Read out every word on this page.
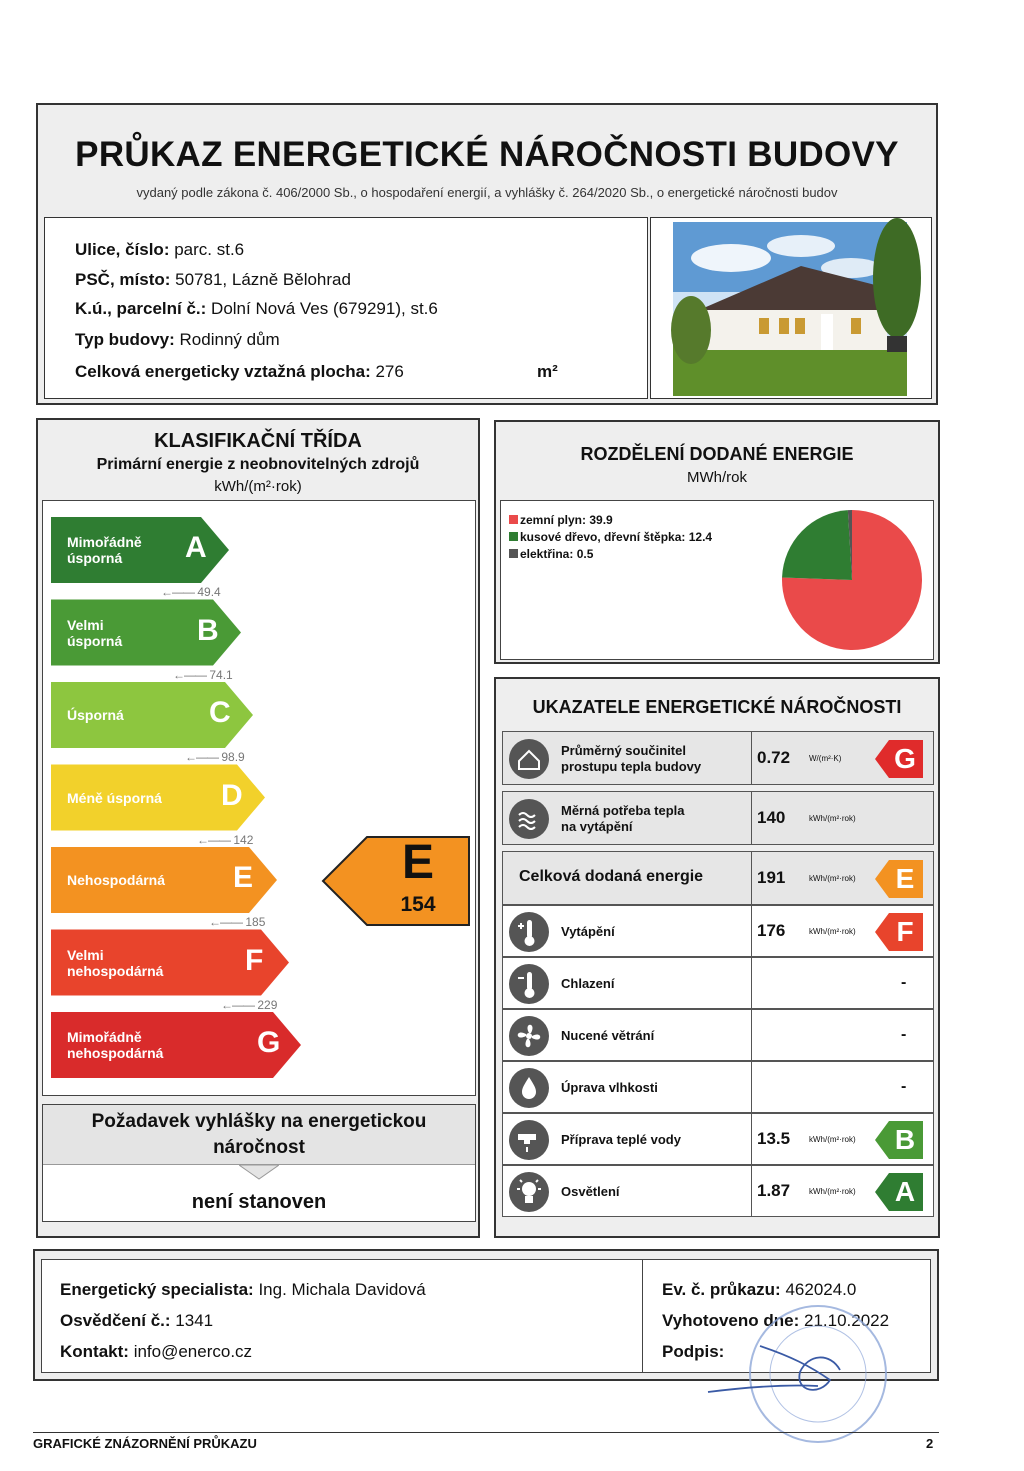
PRŮKAZ ENERGETICKÉ NÁROČNOSTI BUDOVY
vydaný podle zákona č. 406/2000 Sb., o hospodaření energií, a vyhlášky č. 264/2020 Sb., o energetické náročnosti budov
Ulice, číslo: parc. st.6
PSČ, místo: 50781, Lázně Bělohrad
K.ú., parcelní č.: Dolní Nová Ves (679291), st.6
Typ budovy: Rodinný dům
Celková energeticky vztažná plocha: 276	m²
KLASIFIKAČNÍ TŘÍDA
Primární energie z neobnovitelných zdrojů
kWh/(m²·rok)
Mimořádně
úsporná	A
←—— 49.4
Velmi
úsporná B
←—— 74.1
Úsporná	C
←—— 98.9
Méně úsporná D
←—— 142
Nehospodárná E
←—— 185
Velmi
nehospodárná	F
←—— 229
Mimořádně
nehospodárná	G
E
154
Požadavek vyhlášky na energetickou
náročnost
není stanoven
ROZDĚLENÍ DODANÉ ENERGIE
MWh/rok
zemní plyn: 39.9
kusové dřevo, dřevní štěpka: 12.4
elektřina: 0.5
UKAZATELE ENERGETICKÉ NÁROČNOSTI
Průměrný součinitel
prostupu tepla budovy	0.72 W/(m²·K) G
Měrná potřeba tepla
na vytápění	140	kWh/(m²·rok)
Celková dodaná energie	191	kWh/(m²·rok)	E
Vytápění	176	kWh/(m²·rok)	F
Chlazení	-
Nucené větrání	-
Úprava vlhkosti	-
Příprava teplé vody	13.5 kWh/(m²·rok) B
Osvětlení	1.87 kWh/(m²·rok) A
Energetický specialista: Ing. Michala Davidová
Osvědčení č.: 1341
Kontakt: info@enerco.cz
Ev. č. průkazu: 462024.0
Vyhotoveno dne: 21.10.2022
Podpis:
GRAFICKÉ ZNÁZORNĚNÍ PRŮKAZU	2
